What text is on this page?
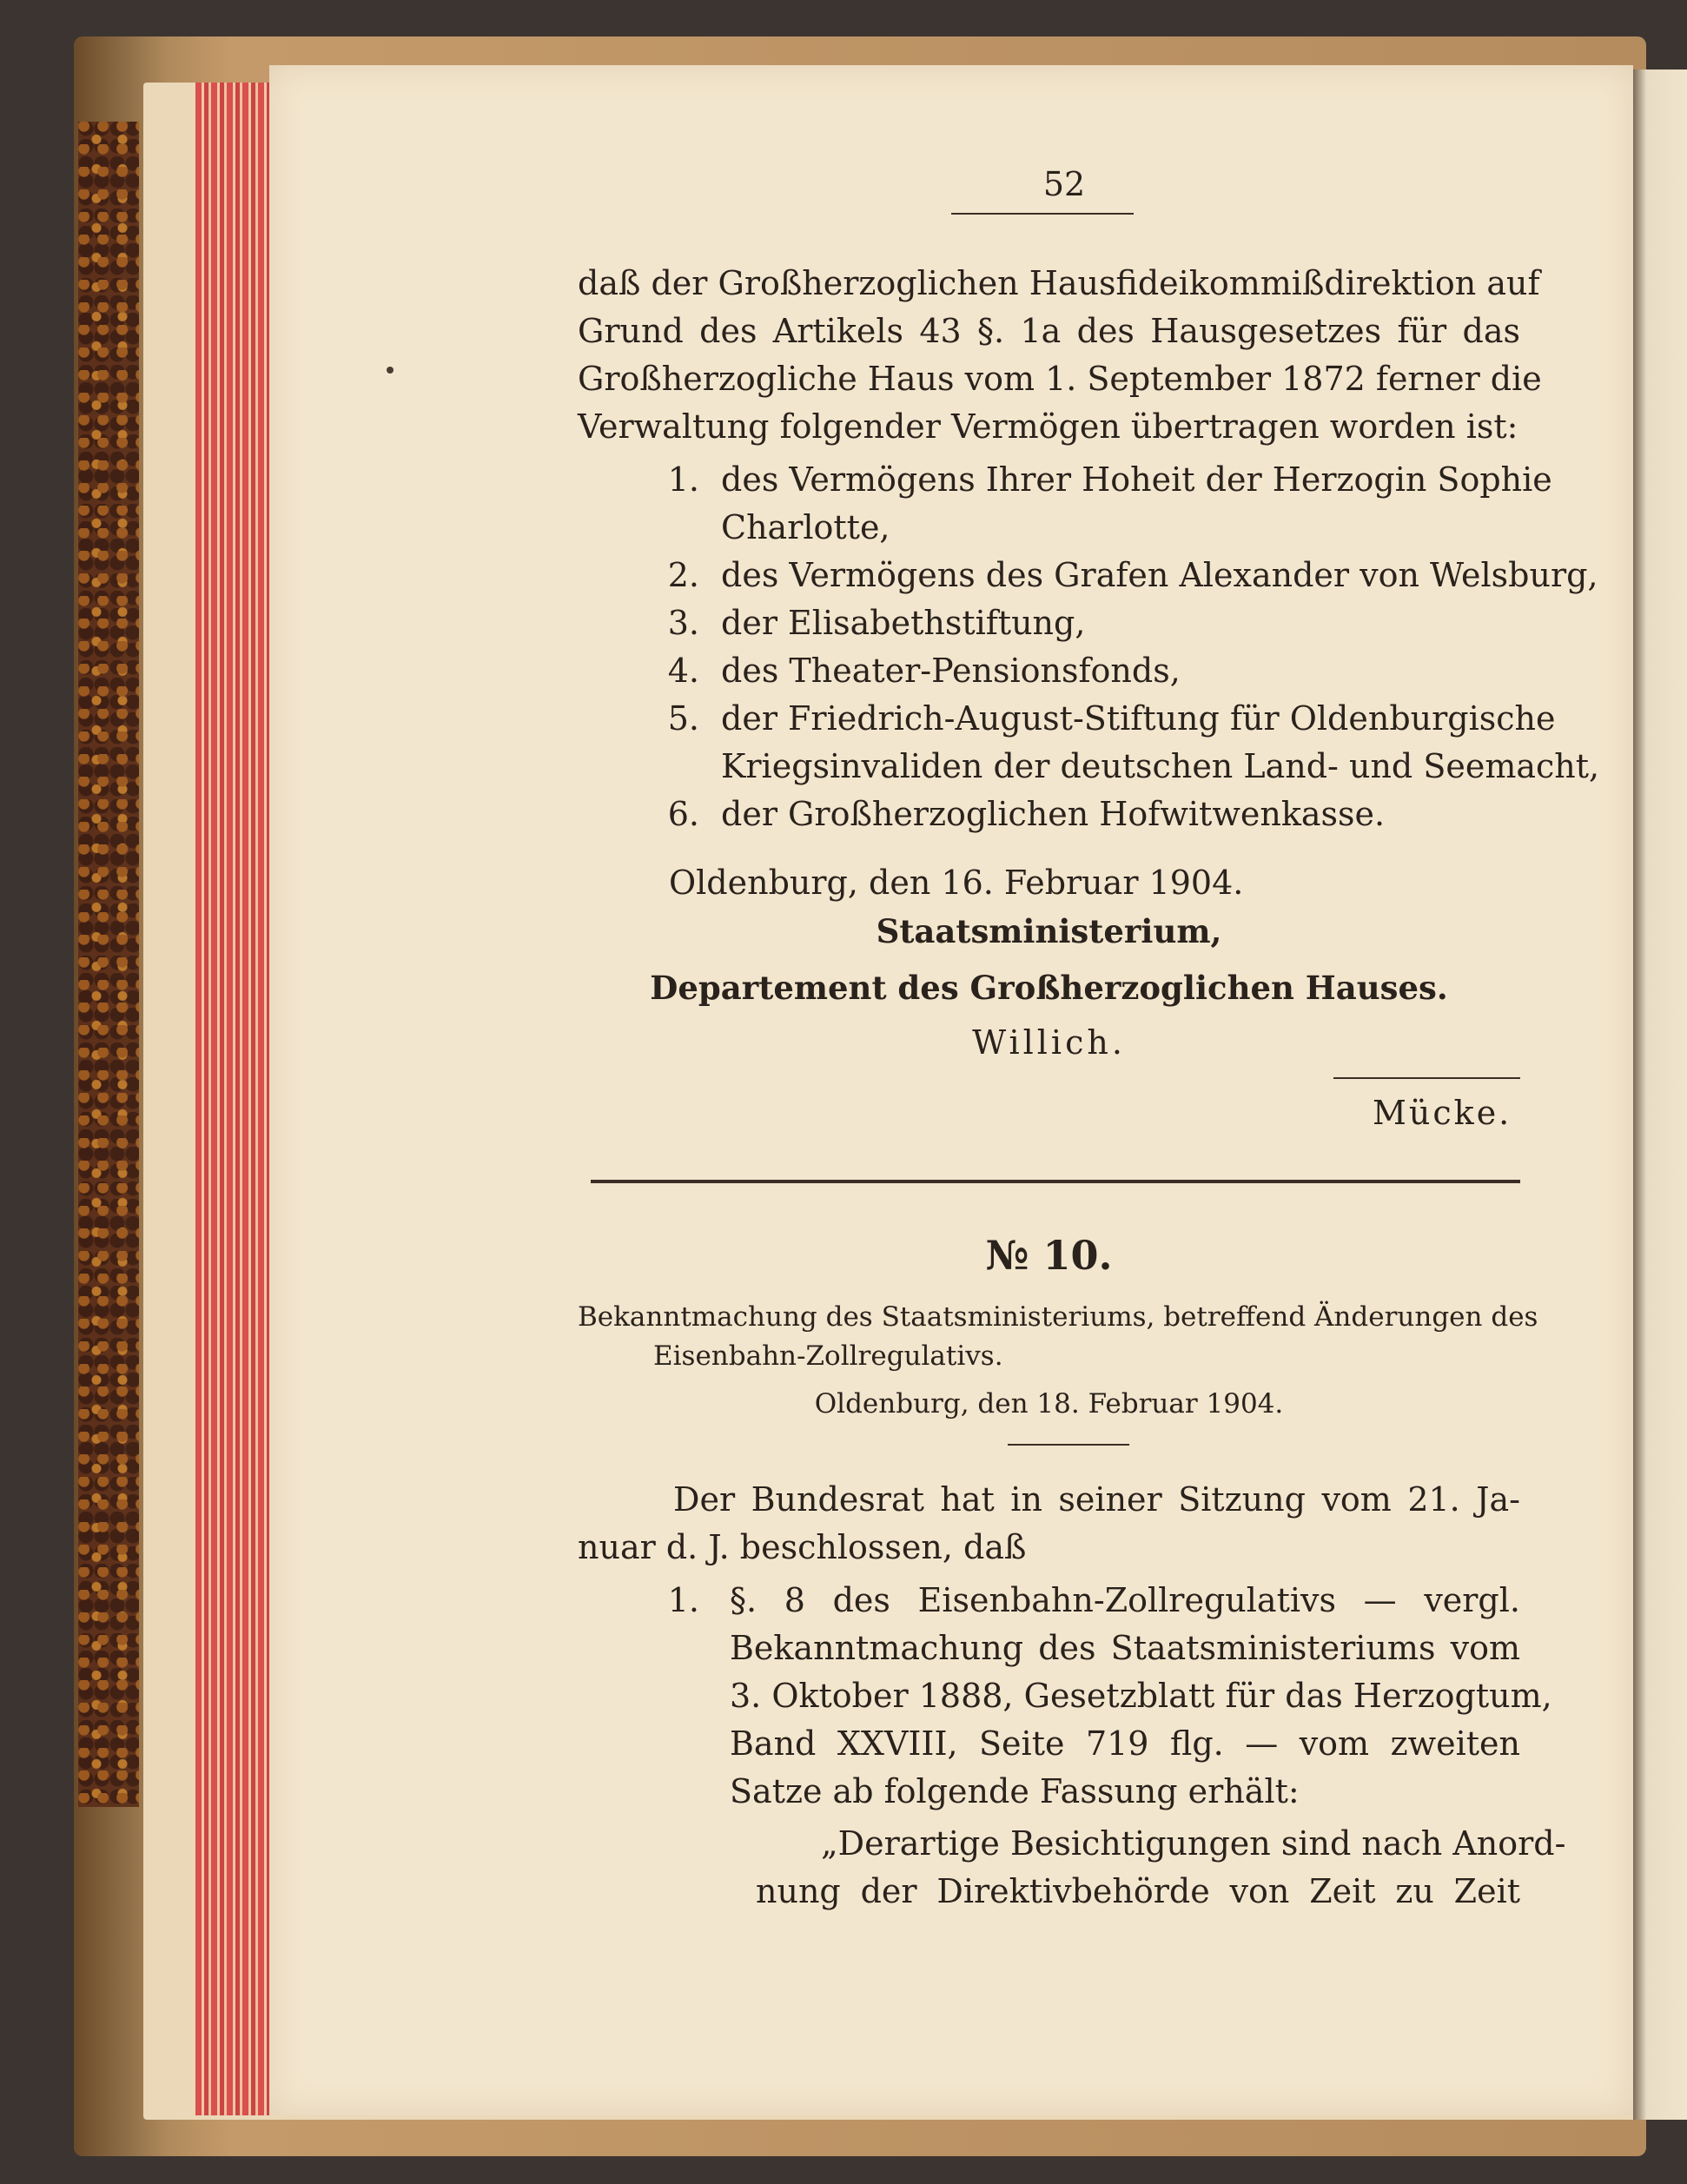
52
daß der Großherzoglichen Hausfideikommißdirektion auf
Grund des Artikels 43 §. 1a des Hausgesetzes für das
Großherzogliche Haus vom 1. September 1872 ferner die
Verwaltung folgender Vermögen übertragen worden ist:
1. des Vermögens Ihrer Hoheit der Herzogin Sophie
Charlotte,
2. des Vermögens des Grafen Alexander von Welsburg,
3. der Elisabethstiftung,
4. des Theater-Pensionsfonds,
5. der Friedrich-August-Stiftung für Oldenburgische
Kriegsinvaliden der deutschen Land- und Seemacht,
6. der Großherzoglichen Hofwitwenkasse.
Oldenburg, den 16. Februar 1904.
Staatsministerium,
Departement des Großherzoglichen Hauses.
Willich.
Mücke.
№ 10.
Bekanntmachung des Staatsministeriums, betreffend Änderungen des
Eisenbahn-Zollregulativs.
Oldenburg, den 18. Februar 1904.
Der Bundesrat hat in seiner Sitzung vom 21. Ja-
nuar d. J. beschlossen, daß
1. §. 8 des Eisenbahn-Zollregulativs — vergl.
Bekanntmachung des Staatsministeriums vom
3. Oktober 1888, Gesetzblatt für das Herzogtum,
Band XXVIII, Seite 719 flg. — vom zweiten
Satze ab folgende Fassung erhält:
„Derartige Besichtigungen sind nach Anord-
nung der Direktivbehörde von Zeit zu Zeit
